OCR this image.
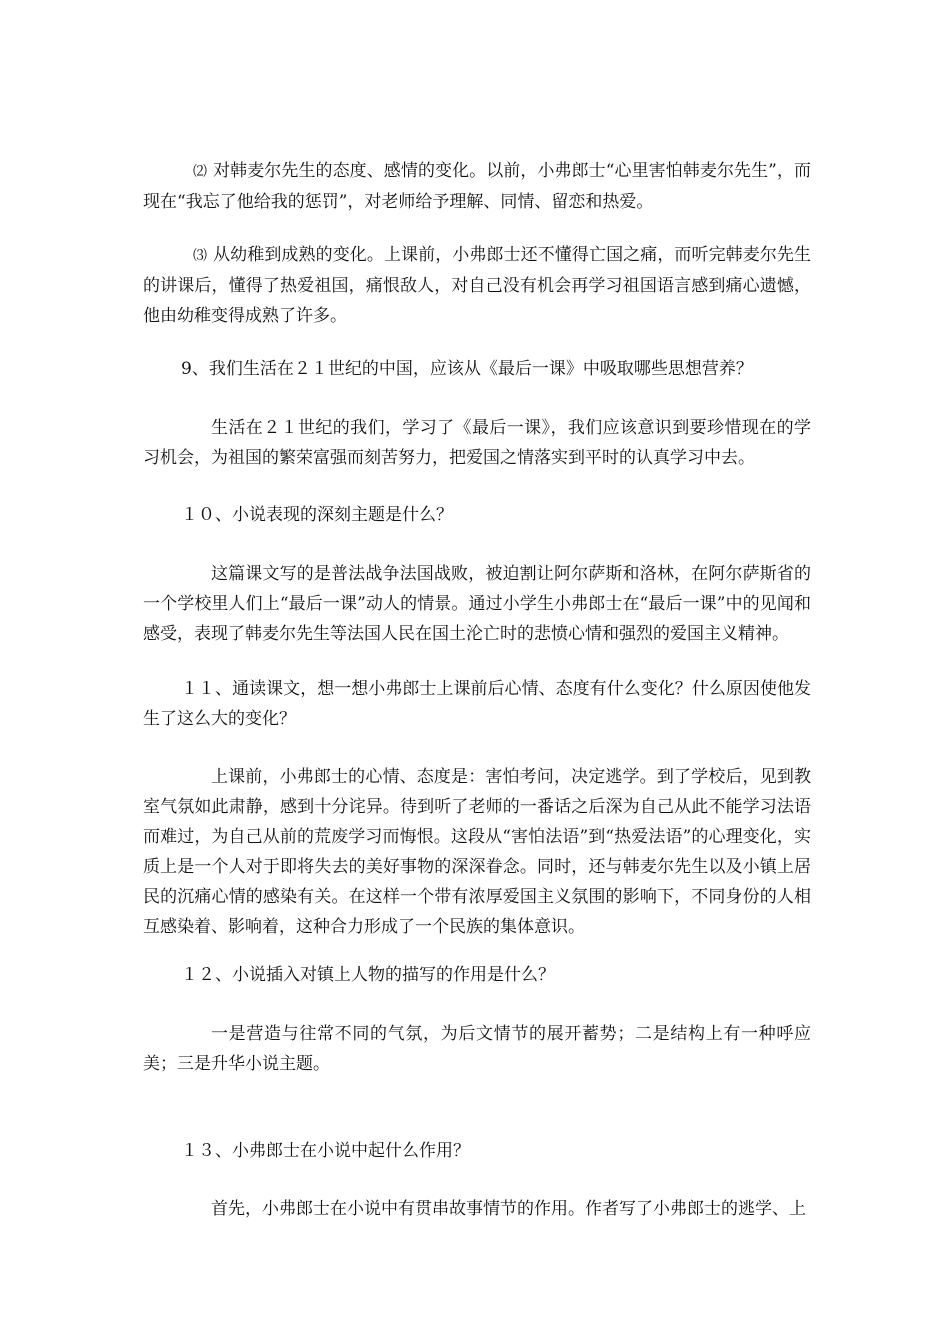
⑵ 对韩麦尔先生的态度、感情的变化。以前，小弗郎士“心里害怕韩麦尔先生”，而现在“我忘了他给我的惩罚”，对老师给予理解、同情、留恋和热爱。

⑶ 从幼稚到成熟的变化。上课前，小弗郎士还不懂得亡国之痛，而听完韩麦尔先生的讲课后，懂得了热爱祖国，痛恨敌人，对自己没有机会再学习祖国语言感到痛心遗憾，他由幼稚变得成熟了许多。

9、我们生活在２１世纪的中国，应该从《最后一课》中吸取哪些思想营养？

生活在２１世纪的我们，学习了《最后一课》，我们应该意识到要珍惜现在的学习机会，为祖国的繁荣富强而刻苦努力，把爱国之情落实到平时的认真学习中去。

１０、小说表现的深刻主题是什么？

这篇课文写的是普法战争法国战败，被迫割让阿尔萨斯和洛林，在阿尔萨斯省的一个学校里人们上“最后一课”动人的情景。通过小学生小弗郎士在“最后一课”中的见闻和感受，表现了韩麦尔先生等法国人民在国土沦亡时的悲愤心情和强烈的爱国主义精神。

１１、通读课文，想一想小弗郎士上课前后心情、态度有什么变化？什么原因使他发生了这么大的变化？

上课前，小弗郎士的心情、态度是：害怕考问，决定逃学。到了学校后，见到教室气氛如此肃静，感到十分诧异。待到听了老师的一番话之后深为自己从此不能学习法语而难过，为自己从前的荒废学习而悔恨。这段从“害怕法语”到“热爱法语”的心理变化，实质上是一个人对于即将失去的美好事物的深深眷念。同时，还与韩麦尔先生以及小镇上居民的沉痛心情的感染有关。在这样一个带有浓厚爱国主义氛围的影响下，不同身份的人相互感染着、影响着，这种合力形成了一个民族的集体意识。

１２、小说插入对镇上人物的描写的作用是什么？

一是营造与往常不同的气氛，为后文情节的展开蓄势；二是结构上有一种呼应美；三是升华小说主题。

１３、小弗郎士在小说中起什么作用？

首先，小弗郎士在小说中有贯串故事情节的作用。作者写了小弗郎士的逃学、上
